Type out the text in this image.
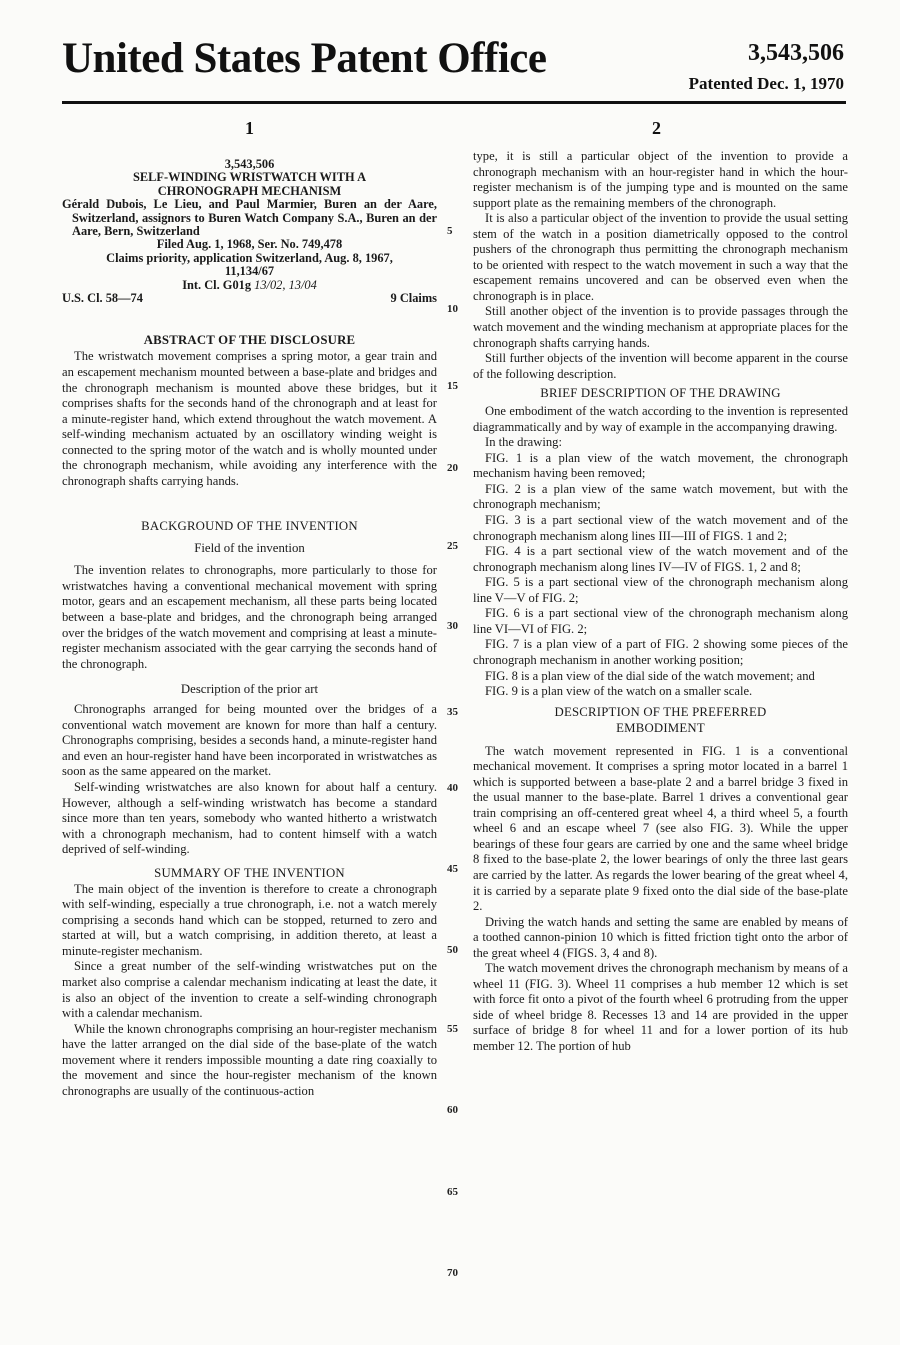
United States Patent Office	3,543,506
Patented Dec. 1, 1970
1	2
3,543,506
SELF-WINDING WRISTWATCH WITH A
CHRONOGRAPH MECHANISM
Gérald Dubois, Le Lieu, and Paul Marmier, Buren an der Aare, Switzerland, assignors to Buren Watch Company S.A., Buren an der Aare, Bern, Switzerland
Filed Aug. 1, 1968, Ser. No. 749,478
Claims priority, application Switzerland, Aug. 8, 1967,
11,134/67
Int. Cl. G01g 13/02, 13/04
U.S. Cl. 58—74	9 Claims
ABSTRACT OF THE DISCLOSURE

The wristwatch movement comprises a spring motor, a gear train and an escapement mechanism mounted between a base-plate and bridges and the chronograph mechanism is mounted above these bridges, but it comprises shafts for the seconds hand of the chronograph and at least for a minute-register hand, which extend throughout the watch movement. A self-winding mechanism actuated by an oscillatory winding weight is connected to the spring motor of the watch and is wholly mounted under the chronograph mechanism, while avoiding any interference with the chronograph shafts carrying hands.

BACKGROUND OF THE INVENTION
Field of the invention

The invention relates to chronographs, more particularly to those for wristwatches having a conventional mechanical movement with spring motor, gears and an escapement mechanism, all these parts being located between a base-plate and bridges, and the chronograph being arranged over the bridges of the watch movement and comprising at least a minute-register mechanism associated with the gear carrying the seconds hand of the chronograph.

Description of the prior art

Chronographs arranged for being mounted over the bridges of a conventional watch movement are known for more than half a century. Chronographs comprising, besides a seconds hand, a minute-register hand and even an hour-register hand have been incorporated in wristwatches as soon as the same appeared on the market.

Self-winding wristwatches are also known for about half a century. However, although a self-winding wristwatch has become a standard since more than ten years, somebody who wanted hitherto a wristwatch with a chronograph mechanism, had to content himself with a watch deprived of self-winding.

SUMMARY OF THE INVENTION

The main object of the invention is therefore to create a chronograph with self-winding, especially a true chronograph, i.e. not a watch merely comprising a seconds hand which can be stopped, returned to zero and started at will, but a watch comprising, in addition thereto, at least a minute-register mechanism.

Since a great number of the self-winding wristwatches put on the market also comprise a calendar mechanism indicating at least the date, it is also an object of the invention to create a self-winding chronograph with a calendar mechanism.

While the known chronographs comprising an hour-register mechanism have the latter arranged on the dial side of the base-plate of the watch movement where it renders impossible mounting a date ring coaxially to the movement and since the hour-register mechanism of the known chronographs are usually of the continuous-action

type, it is still a particular object of the invention to provide a chronograph mechanism with an hour-register hand in which the hour-register mechanism is of the jumping type and is mounted on the same support plate as the remaining members of the chronograph.

It is also a particular object of the invention to provide the usual setting stem of the watch in a position diametrically opposed to the control pushers of the chronograph thus permitting the chronograph mechanism to be oriented with respect to the watch movement in such a way that the escapement remains uncovered and can be observed even when the chronograph is in place.

Still another object of the invention is to provide passages through the watch movement and the winding mechanism at appropriate places for the chronograph shafts carrying hands.

Still further objects of the invention will become apparent in the course of the following description.

BRIEF DESCRIPTION OF THE DRAWING

One embodiment of the watch according to the invention is represented diagrammatically and by way of example in the accompanying drawing.

In the drawing:

FIG. 1 is a plan view of the watch movement, the chronograph mechanism having been removed;

FIG. 2 is a plan view of the same watch movement, but with the chronograph mechanism;

FIG. 3 is a part sectional view of the watch movement and of the chronograph mechanism along lines III—III of FIGS. 1 and 2;

FIG. 4 is a part sectional view of the watch movement and of the chronograph mechanism along lines IV—IV of FIGS. 1, 2 and 8;

FIG. 5 is a part sectional view of the chronograph mechanism along line V—V of FIG. 2;

FIG. 6 is a part sectional view of the chronograph mechanism along line VI—VI of FIG. 2;

FIG. 7 is a plan view of a part of FIG. 2 showing some pieces of the chronograph mechanism in another working position;

FIG. 8 is a plan view of the dial side of the watch movement; and

FIG. 9 is a plan view of the watch on a smaller scale.

DESCRIPTION OF THE PREFERRED
EMBODIMENT

The watch movement represented in FIG. 1 is a conventional mechanical movement. It comprises a spring motor located in a barrel 1 which is supported between a base-plate 2 and a barrel bridge 3 fixed in the usual manner to the base-plate. Barrel 1 drives a conventional gear train comprising an off-centered great wheel 4, a third wheel 5, a fourth wheel 6 and an escape wheel 7 (see also FIG. 3). While the upper bearings of these four gears are carried by one and the same wheel bridge 8 fixed to the base-plate 2, the lower bearings of only the three last gears are carried by the latter. As regards the lower bearing of the great wheel 4, it is carried by a separate plate 9 fixed onto the dial side of the base-plate 2.

Driving the watch hands and setting the same are enabled by means of a toothed cannon-pinion 10 which is fitted friction tight onto the arbor of the great wheel 4 (FIGS. 3, 4 and 8).

The watch movement drives the chronograph mechanism by means of a wheel 11 (FIG. 3). Wheel 11 comprises a hub member 12 which is set with force fit onto a pivot of the fourth wheel 6 protruding from the upper side of wheel bridge 8. Recesses 13 and 14 are provided in the upper surface of bridge 8 for wheel 11 and for a lower portion of its hub member 12. The portion of hub

5
10
15
20
25
30
35
40
45
50
55
60
65
70
